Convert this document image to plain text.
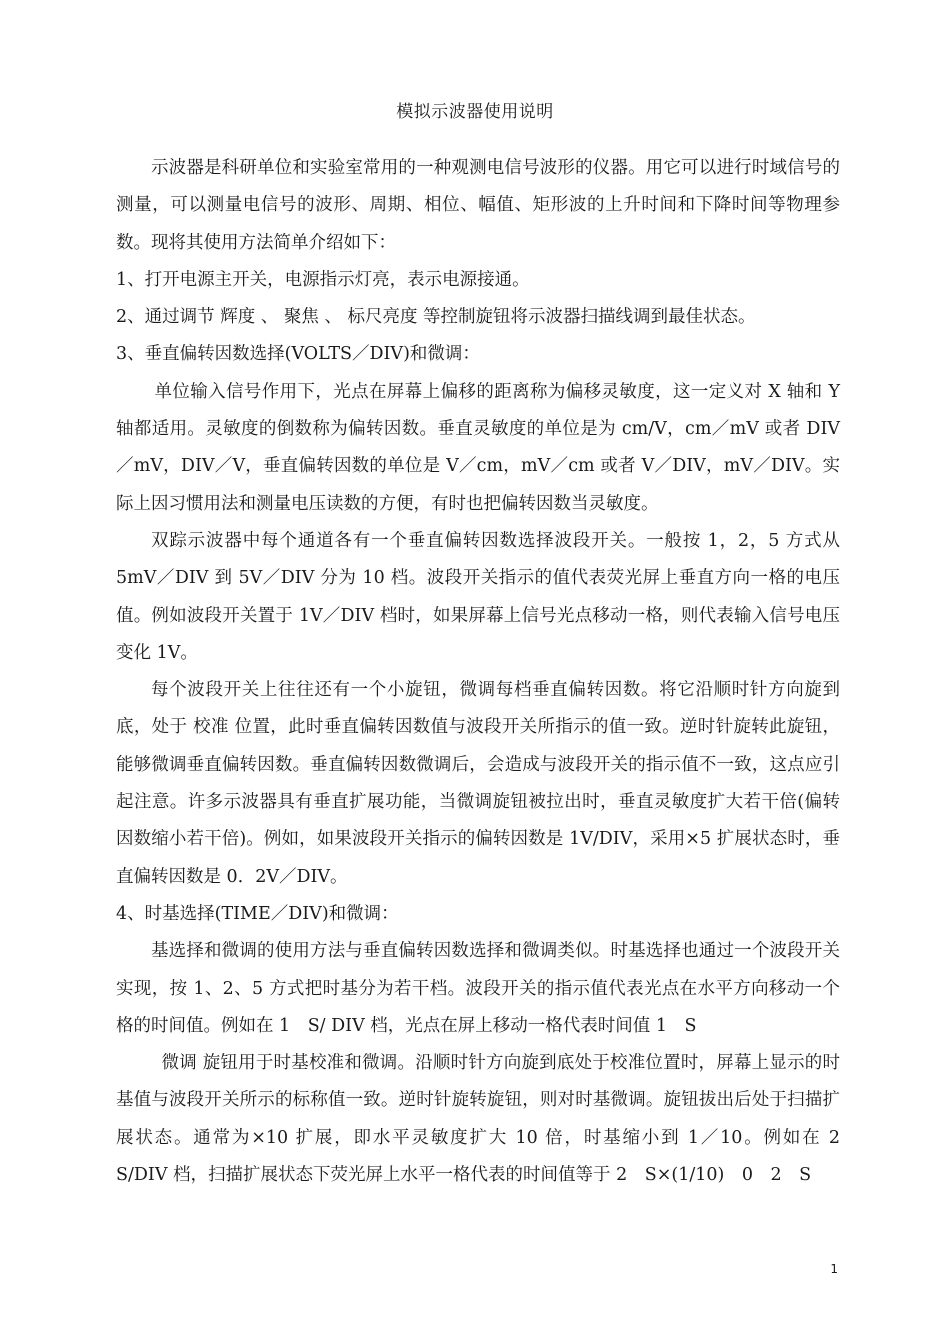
模拟示波器使用说明

示波器是科研单位和实验室常用的一种观测电信号波形的仪器。用它可以进行时域信号的测量，可以测量电信号的波形、周期、相位、幅值、矩形波的上升时间和下降时间等物理参数。现将其使用方法简单介绍如下：

1、打开电源主开关，电源指示灯亮，表示电源接通。

2、通过调节 辉度 、 聚焦 、 标尺亮度 等控制旋钮将示波器扫描线调到最佳状态。

3、垂直偏转因数选择(VOLTS／DIV)和微调：

单位输入信号作用下，光点在屏幕上偏移的距离称为偏移灵敏度，这一定义对 X 轴和 Y 轴都适用。灵敏度的倒数称为偏转因数。垂直灵敏度的单位是为 cm/V，cm／mV 或者 DIV／mV，DIV／V，垂直偏转因数的单位是 V／cm，mV／cm 或者 V／DIV，mV／DIV。实际上因习惯用法和测量电压读数的方便，有时也把偏转因数当灵敏度。

双踪示波器中每个通道各有一个垂直偏转因数选择波段开关。一般按 1，2，5 方式从 5mV／DIV 到 5V／DIV 分为 10 档。波段开关指示的值代表荧光屏上垂直方向一格的电压值。例如波段开关置于 1V／DIV 档时，如果屏幕上信号光点移动一格，则代表输入信号电压变化 1V。

每个波段开关上往往还有一个小旋钮，微调每档垂直偏转因数。将它沿顺时针方向旋到底，处于 校准 位置，此时垂直偏转因数值与波段开关所指示的值一致。逆时针旋转此旋钮，能够微调垂直偏转因数。垂直偏转因数微调后，会造成与波段开关的指示值不一致，这点应引起注意。许多示波器具有垂直扩展功能，当微调旋钮被拉出时，垂直灵敏度扩大若干倍(偏转因数缩小若干倍)。例如，如果波段开关指示的偏转因数是 1V/DIV，采用×5 扩展状态时，垂直偏转因数是 0．2V／DIV。

4、时基选择(TIME／DIV)和微调：

基选择和微调的使用方法与垂直偏转因数选择和微调类似。时基选择也通过一个波段开关实现，按 1、2、5 方式把时基分为若干档。波段开关的指示值代表光点在水平方向移动一个格的时间值。例如在 1　S/ DIV 档，光点在屏上移动一格代表时间值 1　S

微调 旋钮用于时基校准和微调。沿顺时针方向旋到底处于校准位置时，屏幕上显示的时基值与波段开关所示的标称值一致。逆时针旋转旋钮，则对时基微调。旋钮拔出后处于扫描扩展状态。通常为×10 扩展，即水平灵敏度扩大 10 倍，时基缩小到 1／10。例如在 2　S/DIV 档，扫描扩展状态下荧光屏上水平一格代表的时间值等于 2　S×(1/10)　0　2　S

1
